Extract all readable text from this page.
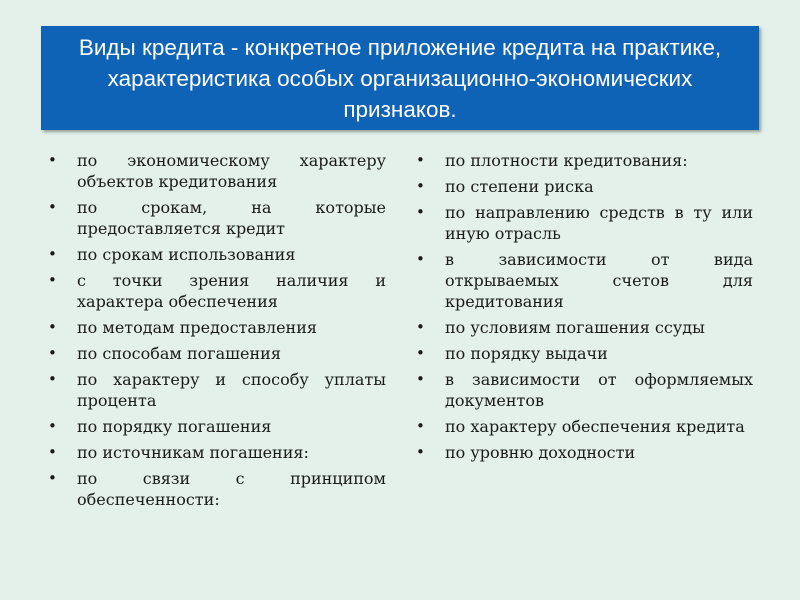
Виды кредита - конкретное приложение кредита на практике, характеристика особых организационно-экономических признаков.
•	по экономическому характеру объектов кредитования
•	по срокам, на которые предоставляется кредит
•	по срокам использования
•	с точки зрения наличия и характера обеспечения
•	по методам предоставления
•	по способам погашения
•	по характеру и способу уплаты процента
•	по порядку погашения
•	по источникам погашения:
•	по связи с принципом обеспеченности:
•	по плотности кредитования:
•	по степени риска
•	по направлению средств в ту или иную отрасль
•	в зависимости от вида открываемых счетов для кредитования
•	по условиям погашения ссуды
•	по порядку выдачи
•	в зависимости от оформляемых документов
•	по характеру обеспечения кредита
•	по уровню доходности
